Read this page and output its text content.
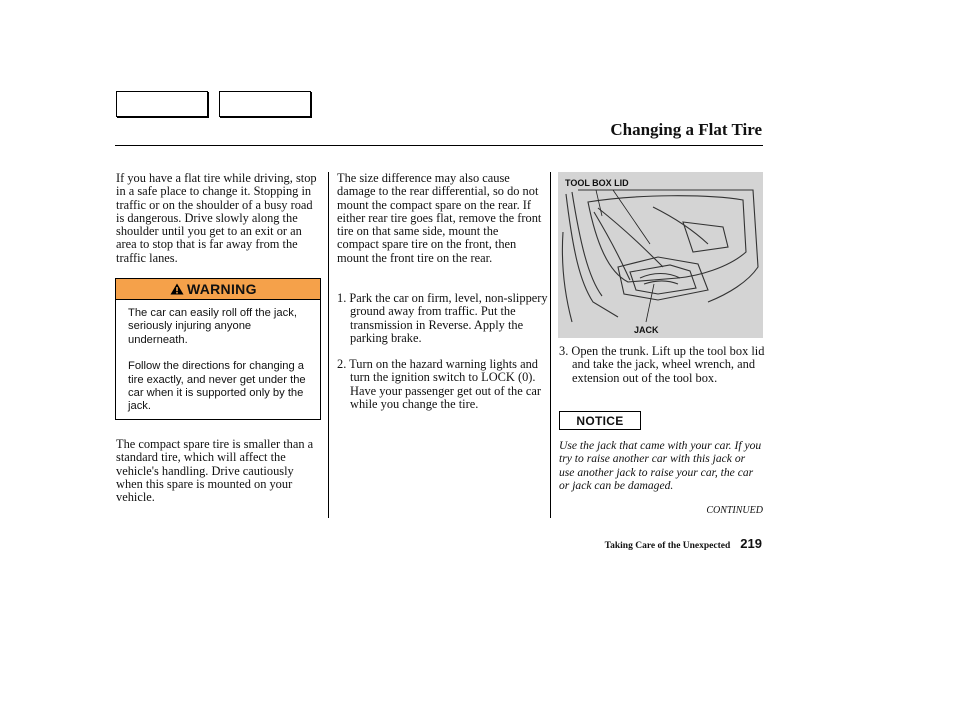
Changing a Flat Tire

If you have a flat tire while driving, stop in a safe place to change it. Stopping in traffic or on the shoulder of a busy road is dangerous. Drive slowly along the shoulder until you get to an exit or an area to stop that is far away from the traffic lanes.

WARNING

The car can easily roll off the jack, seriously injuring anyone underneath.

Follow the directions for changing a tire exactly, and never get under the car when it is supported only by the jack.

The compact spare tire is smaller than a standard tire, which will affect the vehicle's handling. Drive cautiously when this spare is mounted on your vehicle.

The size difference may also cause damage to the rear differential, so do not mount the compact spare on the rear. If either rear tire goes flat, remove the front tire on that same side, mount the compact spare tire on the front, then mount the front tire on the rear.

1. Park the car on firm, level, non-slippery ground away from traffic. Put the transmission in Reverse. Apply the parking brake.

2. Turn on the hazard warning lights and turn the ignition switch to LOCK (0). Have your passenger get out of the car while you change the tire.

TOOL BOX LID
JACK

3. Open the trunk. Lift up the tool box lid and take the jack, wheel wrench, and extension out of the tool box.

NOTICE

Use the jack that came with your car. If you try to raise another car with this jack or use another jack to raise your car, the car or jack can be damaged.

CONTINUED
Taking Care of the Unexpected 219
